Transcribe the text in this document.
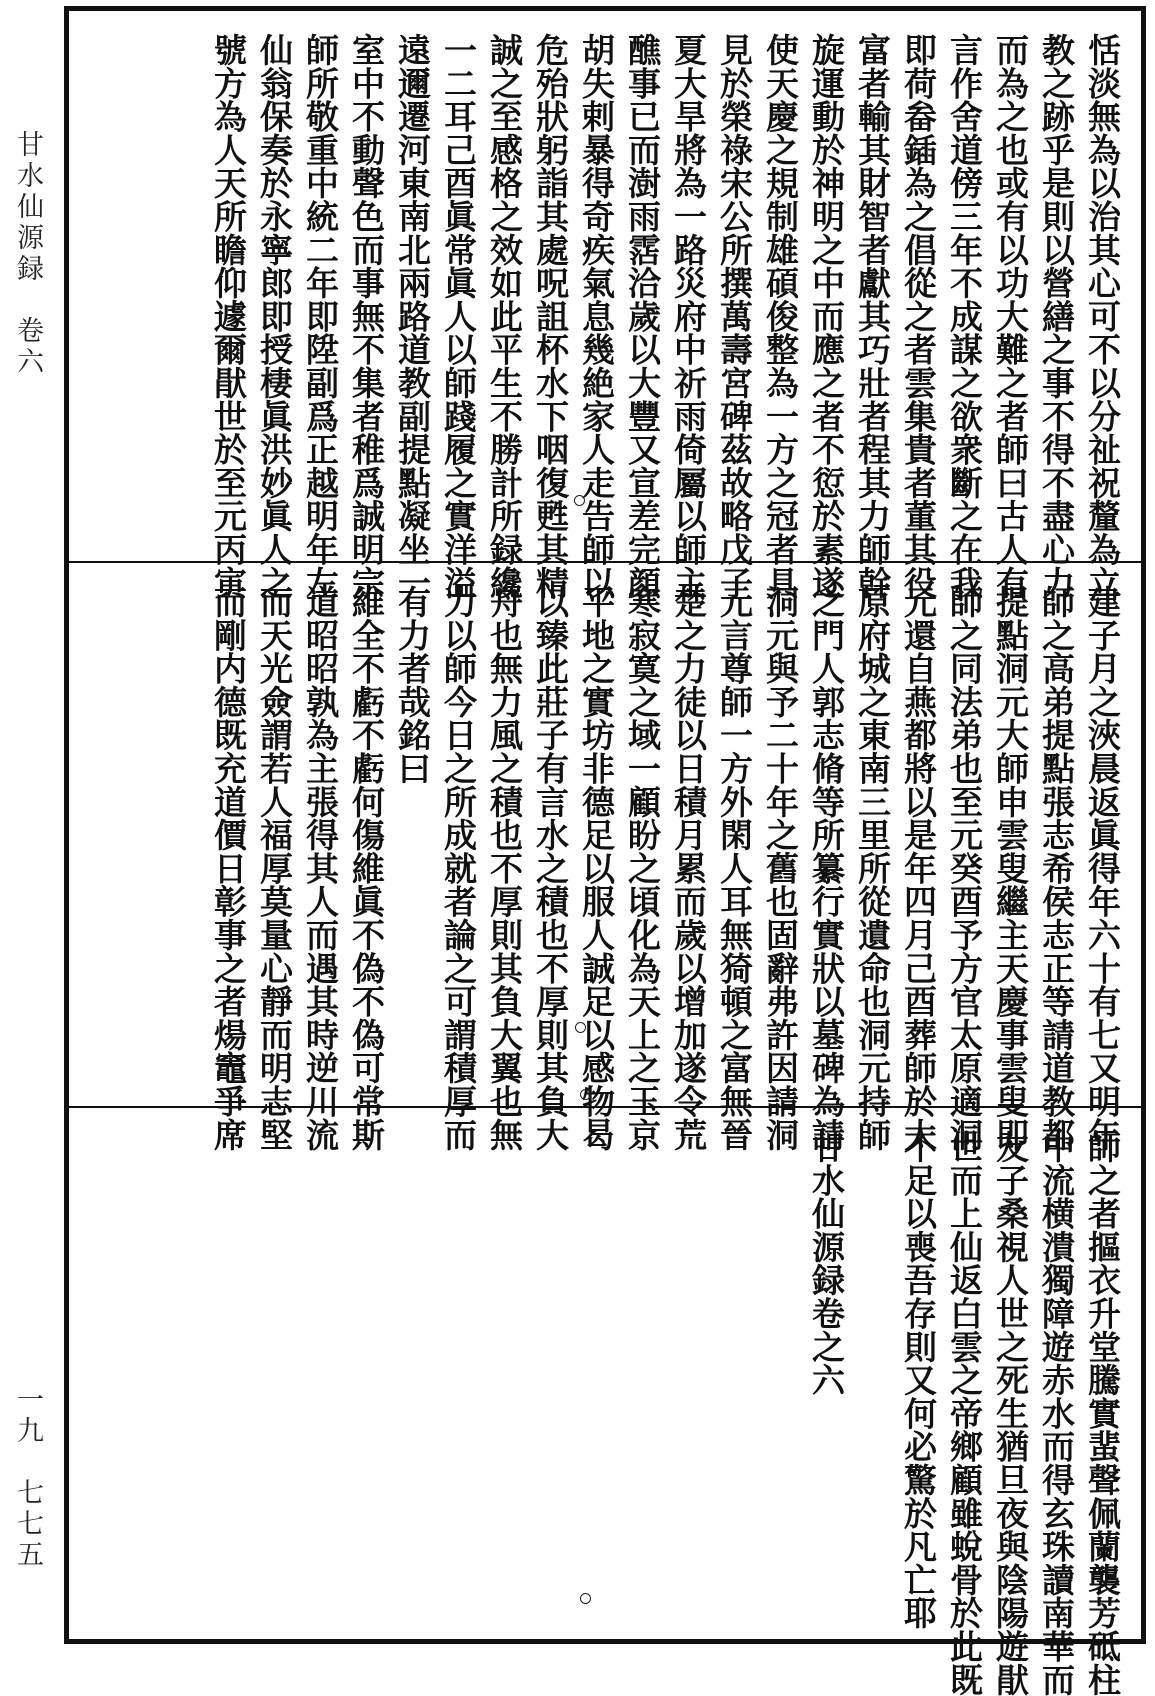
甘水仙源録　卷六
一九　七七五
恬淡無為以治其心可不以分祉祝釐為立
教之跡乎是則以營繕之事不得不盡心力
而為之也或有以功大難之者師曰古人有
言作舍道傍三年不成謀之欲衆斷之在我
即荷畚鍤為之倡從之者雲集貴者董其役
富者輸其財智者獻其巧壯者程其力師幹
旋運動於神明之中而應之者不愆於素遂
使天慶之規制雄碩俊整為一方之冠者具
見於榮祿宋公所撰萬壽宮碑茲故略戊子
夏大旱將為一路災府中祈雨倚屬以師主
醮事已而澍雨霑洽歲以大豐又宣差完顔
胡失剌暴得奇疾氣息幾絶家人走告師以
危殆狀躬詣其處呪詛杯水下咽復甦其精
誠之至感格之效如此平生不勝計所録纔
一二耳己酉眞常眞人以師踐履之實洋溢
遠邇遷河東南北兩路道教副提點凝坐一
室中不動聲色而事無不集者稚爲誠明宗
師所敬重中統二年即陞副爲正越明年左
仙翁保奏於永寧郎即授棲眞洪妙眞人之
號方為人天所瞻仰遽爾猒世於至元丙寅
建子月之浹晨返眞得年六十有七又明年
師之高弟提點張志希侯志正等請道教都
提點洞元大師申雲叟繼主天慶事雲叟即
師之同法弟也至元癸酉予方官太原適洞
元還自燕都將以是年四月己酉葬師於太
原府城之東南三里所從遺命也洞元持師
之門人郭志脩等所纂行實狀以墓碑為請
洞元與予二十年之舊也固辭弗許因請洞
元言尊師一方外閑人耳無猗頓之富無晉
楚之力徒以日積月累而歲以增加遂令荒
寒寂寞之域一顧盼之頃化為天上之玉京
平地之實坊非德足以服人誠足以感物曷
以臻此莊子有言水之積也不厚則其負大
舟也無力風之積也不厚則其負大翼也無
力以師今日之所成就者論之可謂積厚而
有力者哉銘曰
維全不虧不虧何傷維眞不偽不偽可常斯
道昭昭孰為主張得其人而遇其時逆川流
而天光僉謂若人福厚莫量心靜而明志堅
而剛内德既充道價日彰事之者煬竈爭席
師之者摳衣升堂騰實蜚聲佩蘭襲芳砥柱
中流横潰獨障遊赤水而得玄珠讀南華而
友子桑視人世之死生猶旦夜與陰陽遊猒
世而上仙返白雲之帝鄉顧雖蛻骨於此既
不足以喪吾存則又何必驚於凡亡耶
甘水仙源録卷之六
